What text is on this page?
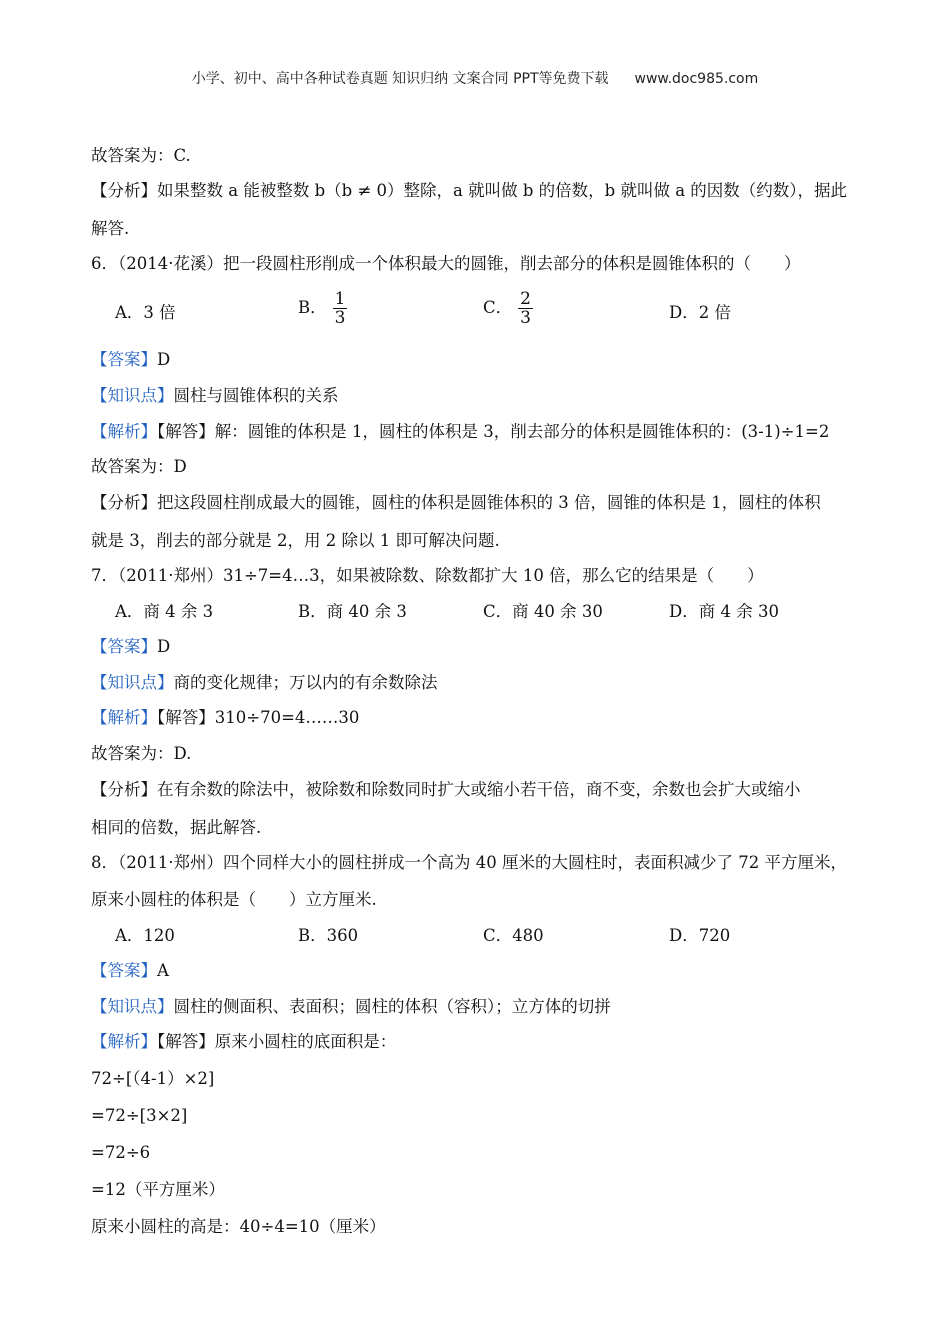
小学、初中、高中各种试卷真题 知识归纳 文案合同 PPT等免费下载 www.doc985.com
故答案为：C.
【分析】如果整数 a 能被整数 b（b ≠ 0）整除，a 就叫做 b 的倍数，b 就叫做 a 的因数（约数），据此
解答.
6．（2014·花溪）把一段圆柱形削成一个体积最大的圆锥，削去部分的体积是圆锥体积的（　　）
A．3 倍	B． $\frac{1}{3}$	C． $\frac{2}{3}$	D．2 倍
【答案】D
【知识点】圆柱与圆锥体积的关系
【解析】【解答】解：圆锥的体积是 1，圆柱的体积是 3，削去部分的体积是圆锥体积的：(3-1)÷1=2
故答案为：D
【分析】把这段圆柱削成最大的圆锥，圆柱的体积是圆锥体积的 3 倍，圆锥的体积是 1，圆柱的体积
就是 3，削去的部分就是 2，用 2 除以 1 即可解决问题.
7．（2011·郑州）31÷7=4…3，如果被除数、除数都扩大 10 倍，那么它的结果是（　　）
A．商 4 余 3	B．商 40 余 3	C．商 40 余 30	D．商 4 余 30
【答案】D
【知识点】商的变化规律；万以内的有余数除法
【解析】【解答】310÷70=4……30
故答案为：D.
【分析】在有余数的除法中，被除数和除数同时扩大或缩小若干倍，商不变，余数也会扩大或缩小
相同的倍数，据此解答.
8．（2011·郑州）四个同样大小的圆柱拼成一个高为 40 厘米的大圆柱时，表面积减少了 72 平方厘米，
原来小圆柱的体积是（　　）立方厘米.
A．120	B．360	C．480	D．720
【答案】A
【知识点】圆柱的侧面积、表面积；圆柱的体积（容积）；立方体的切拼
【解析】【解答】原来小圆柱的底面积是：
72÷[（4-1）×2]
=72÷[3×2]
=72÷6
=12（平方厘米）
原来小圆柱的高是：40÷4=10（厘米）
